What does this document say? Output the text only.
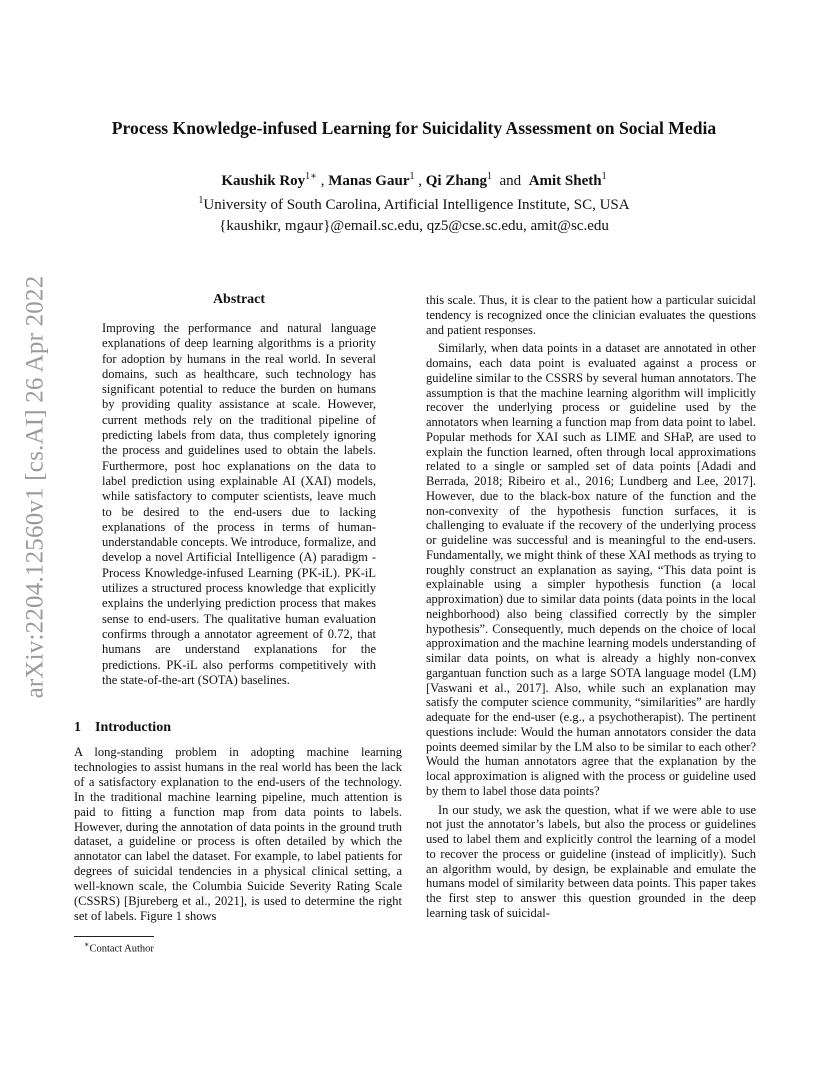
arXiv:2204.12560v1 [cs.AI] 26 Apr 2022
Process Knowledge-infused Learning for Suicidality Assessment on Social Media
Kaushik Roy$^{1∗}$ , Manas Gaur$^1$ , Qi Zhang$^1$  and  Amit Sheth$^1$
$^1$University of South Carolina, Artificial Intelligence Institute, SC, USA
{kaushikr, mgaur}@email.sc.edu, qz5@cse.sc.edu, amit@sc.edu
Abstract

Improving the performance and natural language explanations of deep learning algorithms is a priority for adoption by humans in the real world. In several domains, such as healthcare, such technology has significant potential to reduce the burden on humans by providing quality assistance at scale. However, current methods rely on the traditional pipeline of predicting labels from data, thus completely ignoring the process and guidelines used to obtain the labels. Furthermore, post hoc explanations on the data to label prediction using explainable AI (XAI) models, while satisfactory to computer scientists, leave much to be desired to the end-users due to lacking explanations of the process in terms of human-understandable concepts. We introduce, formalize, and develop a novel Artificial Intelligence (A) paradigm - Process Knowledge-infused Learning (PK-iL). PK-iL utilizes a structured process knowledge that explicitly explains the underlying prediction process that makes sense to end-users. The qualitative human evaluation confirms through a annotator agreement of 0.72, that humans are understand explanations for the predictions. PK-iL also performs competitively with the state-of-the-art (SOTA) baselines.

1 Introduction

A long-standing problem in adopting machine learning technologies to assist humans in the real world has been the lack of a satisfactory explanation to the end-users of the technology. In the traditional machine learning pipeline, much attention is paid to fitting a function map from data points to labels. However, during the annotation of data points in the ground truth dataset, a guideline or process is often detailed by which the annotator can label the dataset. For example, to label patients for degrees of suicidal tendencies in a physical clinical setting, a well-known scale, the Columbia Suicide Severity Rating Scale (CSSRS) [Bjureberg et al., 2021], is used to determine the right set of labels. Figure 1 shows

∗Contact Author

this scale. Thus, it is clear to the patient how a particular suicidal tendency is recognized once the clinician evaluates the questions and patient responses.

Similarly, when data points in a dataset are annotated in other domains, each data point is evaluated against a process or guideline similar to the CSSRS by several human annotators. The assumption is that the machine learning algorithm will implicitly recover the underlying process or guideline used by the annotators when learning a function map from data point to label. Popular methods for XAI such as LIME and SHaP, are used to explain the function learned, often through local approximations related to a single or sampled set of data points [Adadi and Berrada, 2018; Ribeiro et al., 2016; Lundberg and Lee, 2017]. However, due to the black-box nature of the function and the non-convexity of the hypothesis function surfaces, it is challenging to evaluate if the recovery of the underlying process or guideline was successful and is meaningful to the end-users. Fundamentally, we might think of these XAI methods as trying to roughly construct an explanation as saying, “This data point is explainable using a simpler hypothesis function (a local approximation) due to similar data points (data points in the local neighborhood) also being classified correctly by the simpler hypothesis”. Consequently, much depends on the choice of local approximation and the machine learning models understanding of similar data points, on what is already a highly non-convex gargantuan function such as a large SOTA language model (LM) [Vaswani et al., 2017]. Also, while such an explanation may satisfy the computer science community, “similarities” are hardly adequate for the end-user (e.g., a psychotherapist). The pertinent questions include: Would the human annotators consider the data points deemed similar by the LM also to be similar to each other? Would the human annotators agree that the explanation by the local approximation is aligned with the process or guideline used by them to label those data points?

In our study, we ask the question, what if we were able to use not just the annotator’s labels, but also the process or guidelines used to label them and explicitly control the learning of a model to recover the process or guideline (instead of implicitly). Such an algorithm would, by design, be explainable and emulate the humans model of similarity between data points. This paper takes the first step to answer this question grounded in the deep learning task of suicidal-
